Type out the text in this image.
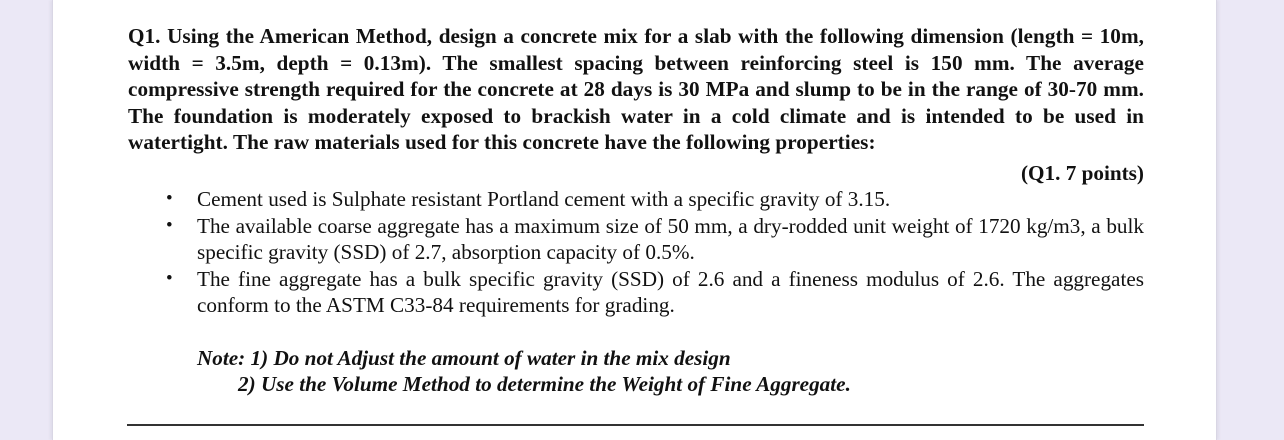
Q1. Using the American Method, design a concrete mix for a slab with the following dimension (length = 10m, width = 3.5m, depth = 0.13m). The smallest spacing between reinforcing steel is 150 mm. The average compressive strength required for the concrete at 28 days is 30 MPa and slump to be in the range of 30-70 mm. The foundation is moderately exposed to brackish water in a cold climate and is intended to be used in watertight. The raw materials used for this concrete have the following properties:

(Q1. 7 points)
• Cement used is Sulphate resistant Portland cement with a specific gravity of 3.15.
• The available coarse aggregate has a maximum size of 50 mm, a dry-rodded unit weight of 1720 kg/m3, a bulk specific gravity (SSD) of 2.7, absorption capacity of 0.5%.
• The fine aggregate has a bulk specific gravity (SSD) of 2.6 and a fineness modulus of 2.6. The aggregates conform to the ASTM C33-84 requirements for grading.
Note: 1) Do not Adjust the amount of water in the mix design
2) Use the Volume Method to determine the Weight of Fine Aggregate.
